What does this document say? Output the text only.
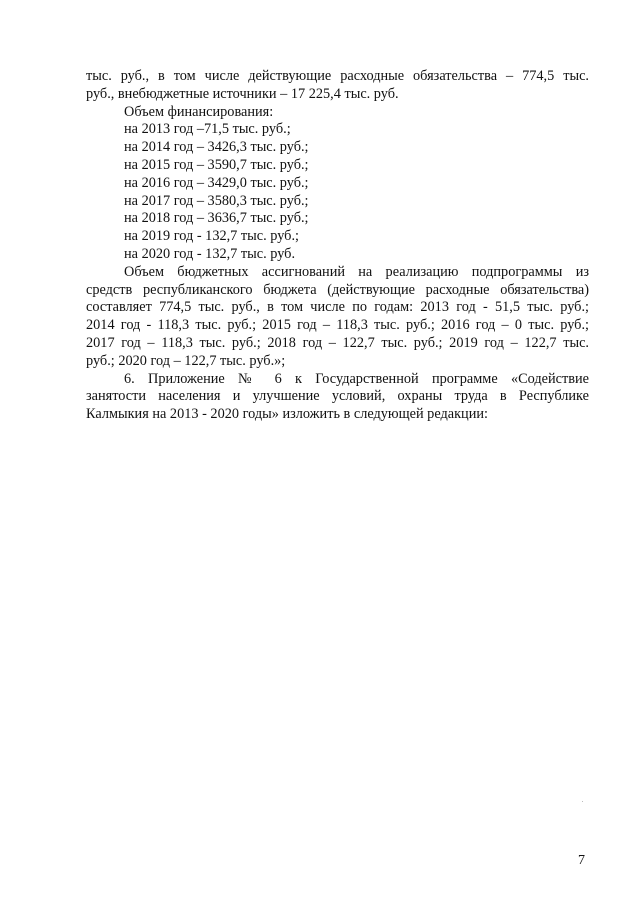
тыс. руб., в том числе действующие расходные обязательства – 774,5 тыс.
руб., внебюджетные источники – 17 225,4 тыс. руб.
Объем финансирования:
на 2013 год –71,5 тыс. руб.;
на 2014 год – 3426,3 тыс. руб.;
на 2015 год – 3590,7 тыс. руб.;
на 2016 год – 3429,0 тыс. руб.;
на 2017 год – 3580,3 тыс. руб.;
на 2018 год – 3636,7 тыс. руб.;
на 2019 год - 132,7 тыс. руб.;
на 2020 год - 132,7 тыс. руб.
Объем бюджетных ассигнований на реализацию подпрограммы из
средств республиканского бюджета (действующие расходные обязательства)
составляет 774,5 тыс. руб., в том числе по годам: 2013 год - 51,5 тыс. руб.;
2014 год - 118,3 тыс. руб.; 2015 год – 118,3 тыс. руб.; 2016 год – 0 тыс. руб.;
2017 год – 118,3 тыс. руб.; 2018 год – 122,7 тыс. руб.; 2019 год – 122,7 тыс.
руб.; 2020 год – 122,7 тыс. руб.»;
6. Приложение № 6 к Государственной программе «Содействие
занятости населения и улучшение условий, охраны труда в Республике
Калмыкия на 2013 - 2020 годы» изложить в следующей редакции:
7
